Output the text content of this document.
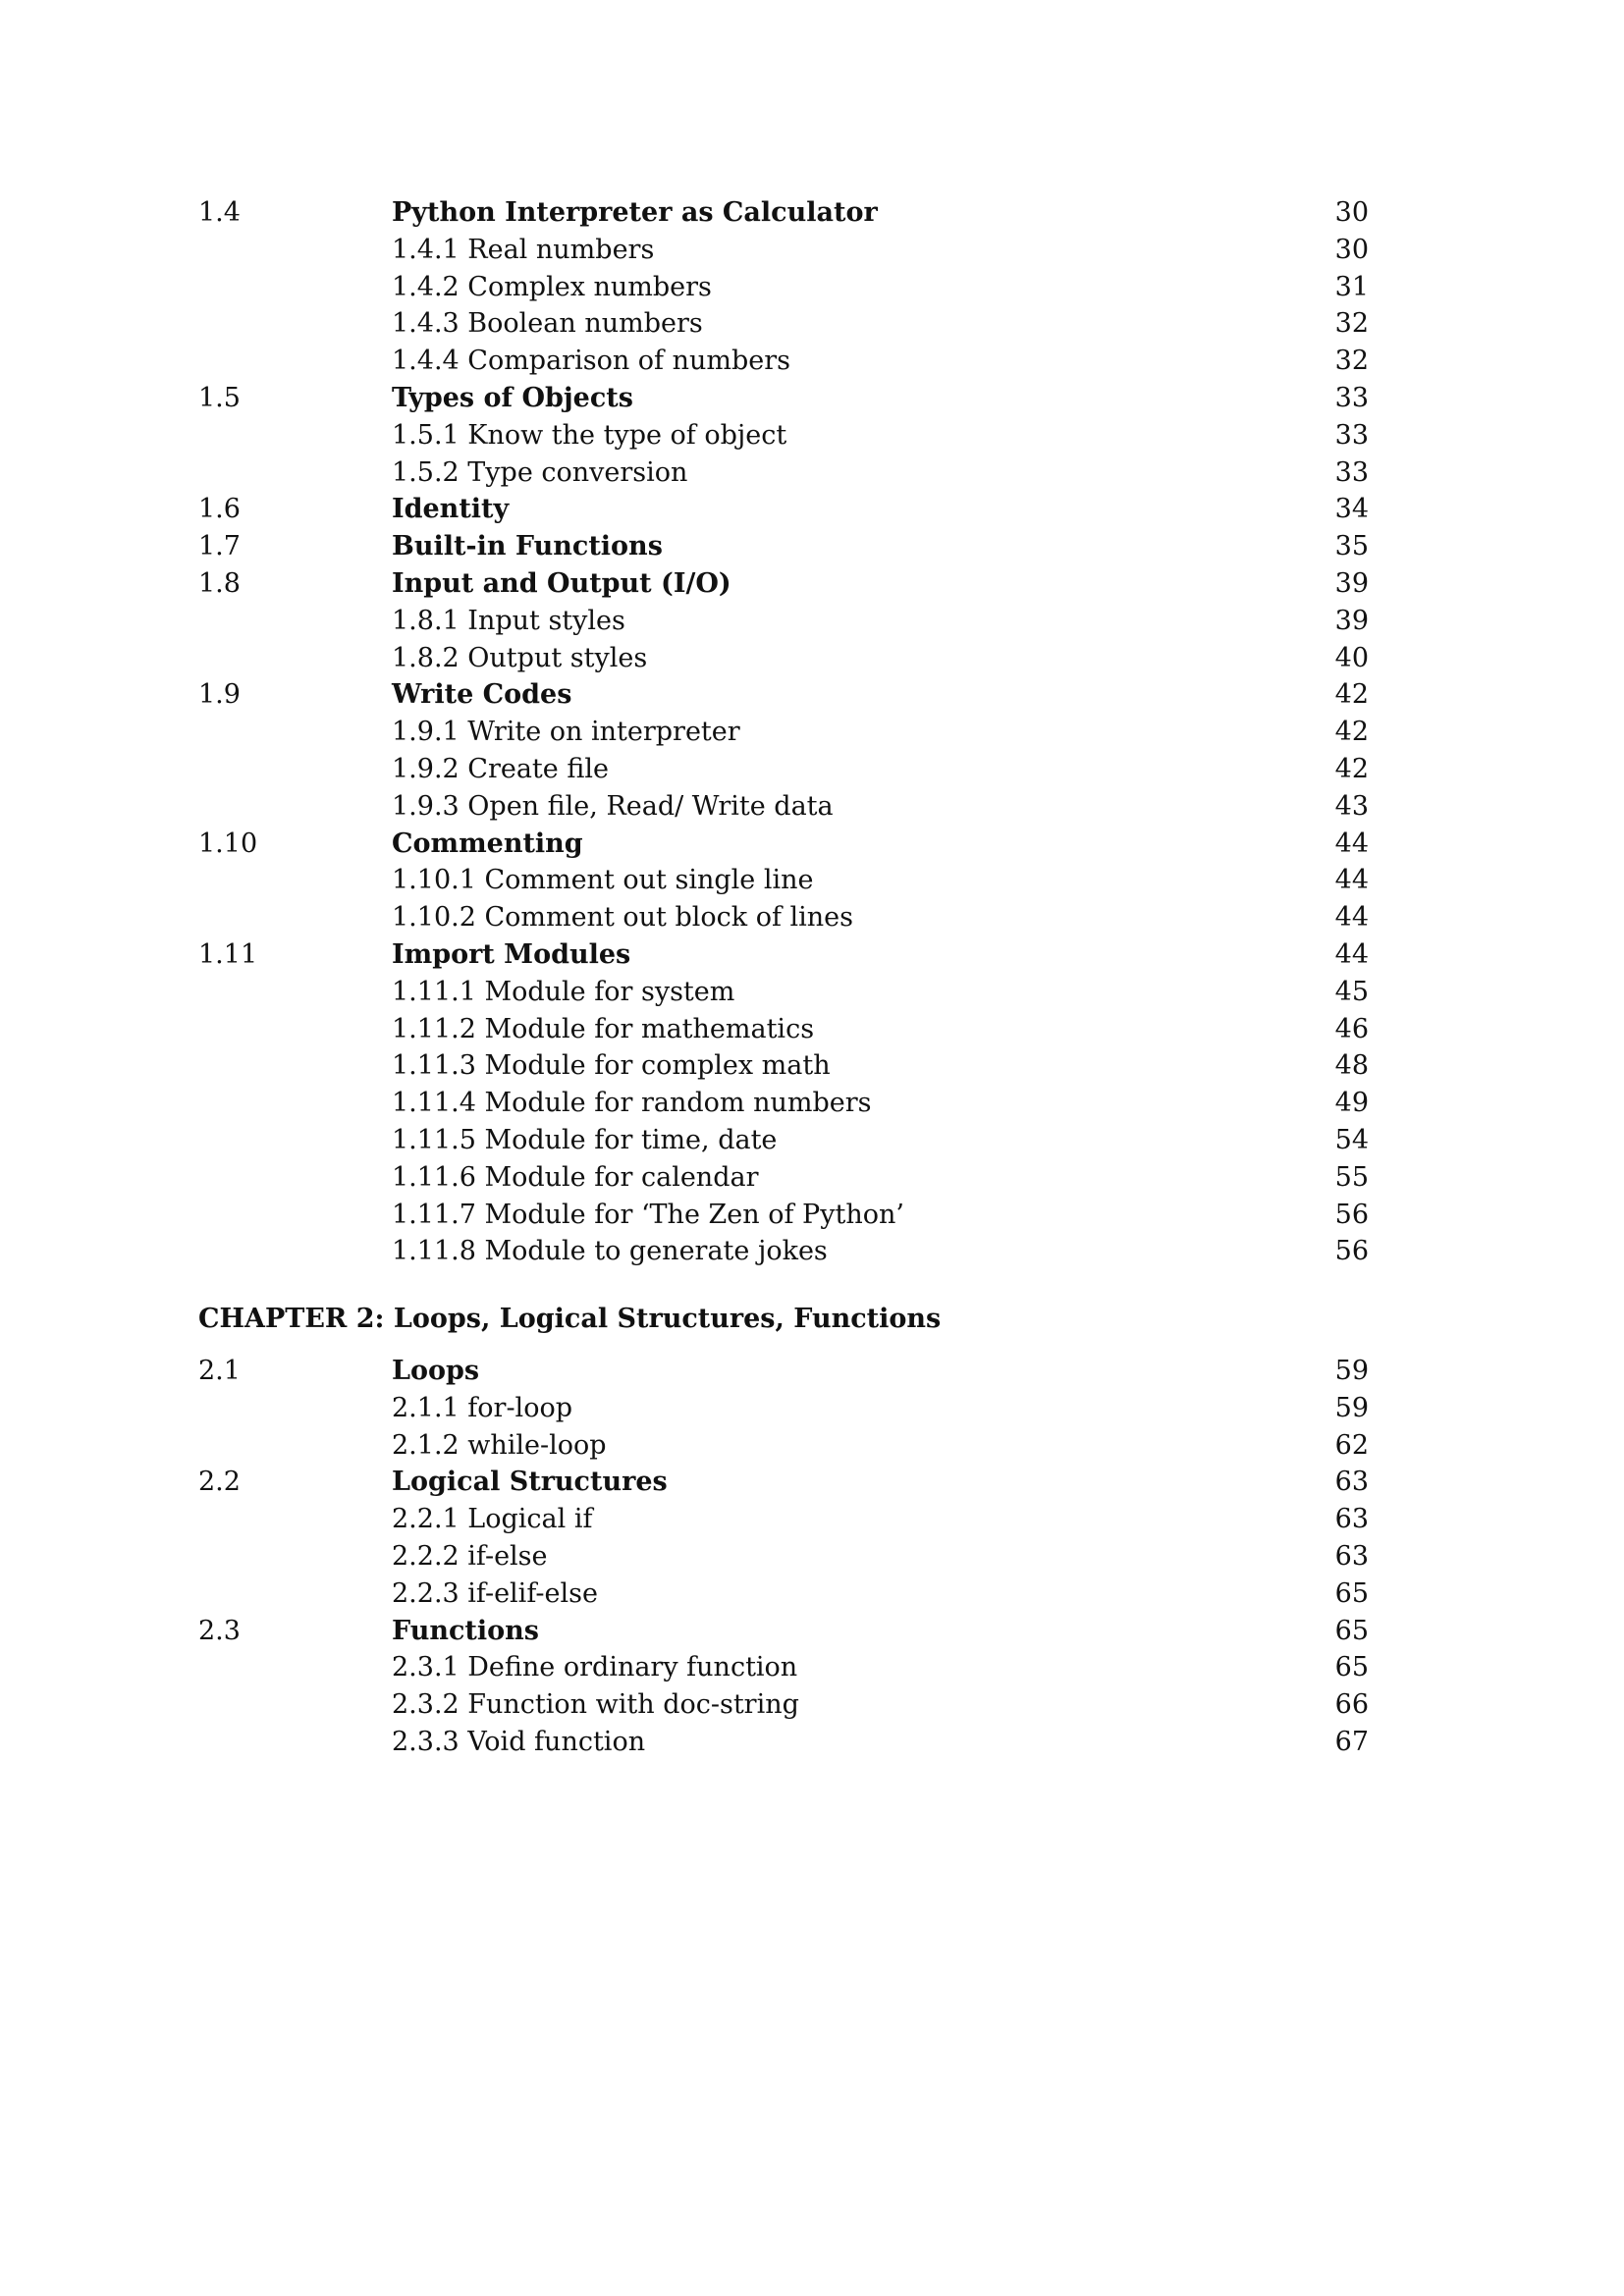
1.4	Python Interpreter as Calculator	30
1.4.1 Real numbers	30
1.4.2 Complex numbers	31
1.4.3 Boolean numbers	32
1.4.4 Comparison of numbers	32
1.5	Types of Objects	33
1.5.1 Know the type of object	33
1.5.2 Type conversion	33
1.6	Identity	34
1.7	Built-in Functions	35
1.8	Input and Output (I/O)	39
1.8.1 Input styles	39
1.8.2 Output styles	40
1.9	Write Codes	42
1.9.1 Write on interpreter	42
1.9.2 Create file	42
1.9.3 Open file, Read/ Write data	43
1.10	Commenting	44
1.10.1 Comment out single line	44
1.10.2 Comment out block of lines	44
1.11	Import Modules	44
1.11.1 Module for system	45
1.11.2 Module for mathematics	46
1.11.3 Module for complex math	48
1.11.4 Module for random numbers	49
1.11.5 Module for time, date	54
1.11.6 Module for calendar	55
1.11.7 Module for ‘The Zen of Python’	56
1.11.8 Module to generate jokes	56
CHAPTER 2: Loops, Logical Structures, Functions
2.1	Loops	59
2.1.1 for-loop	59
2.1.2 while-loop	62
2.2	Logical Structures	63
2.2.1 Logical if	63
2.2.2 if-else	63
2.2.3 if-elif-else	65
2.3	Functions	65
2.3.1 Define ordinary function	65
2.3.2 Function with doc-string	66
2.3.3 Void function	67
